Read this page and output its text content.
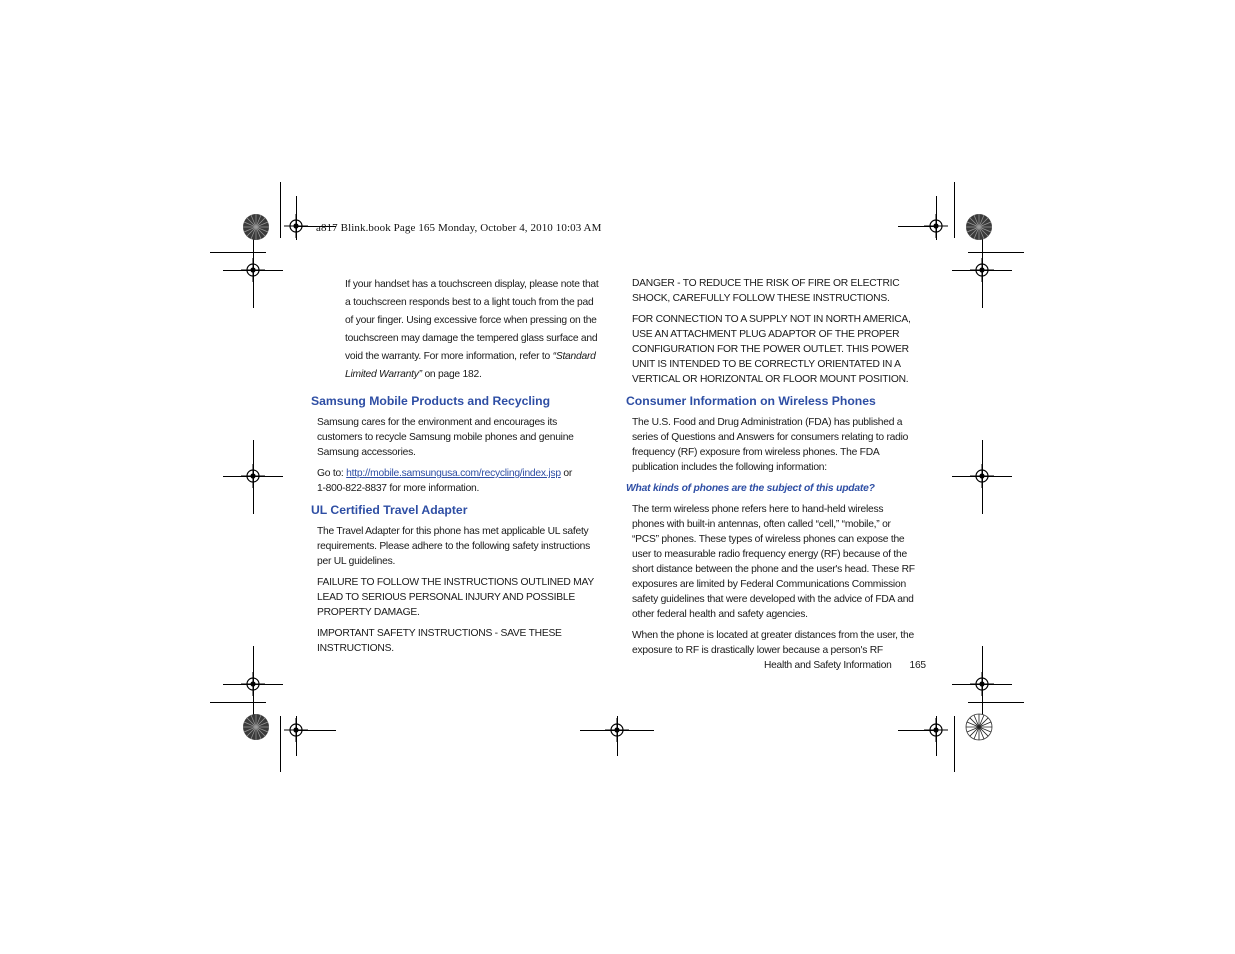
a817 Blink.book Page 165 Monday, October 4, 2010 10:03 AM

If your handset has a touchscreen display, please note that a touchscreen responds best to a light touch from the pad of your finger. Using excessive force when pressing on the touchscreen may damage the tempered glass surface and void the warranty. For more information, refer to “Standard Limited Warranty” on page 182.

Samsung Mobile Products and Recycling

Samsung cares for the environment and encourages its customers to recycle Samsung mobile phones and genuine Samsung accessories.

Go to: http://mobile.samsungusa.com/recycling/index.jsp or
1-800-822-8837 for more information.

UL Certified Travel Adapter

The Travel Adapter for this phone has met applicable UL safety requirements. Please adhere to the following safety instructions per UL guidelines.

FAILURE TO FOLLOW THE INSTRUCTIONS OUTLINED MAY LEAD TO SERIOUS PERSONAL INJURY AND POSSIBLE PROPERTY DAMAGE.

IMPORTANT SAFETY INSTRUCTIONS - SAVE THESE INSTRUCTIONS.

DANGER - TO REDUCE THE RISK OF FIRE OR ELECTRIC SHOCK, CAREFULLY FOLLOW THESE INSTRUCTIONS.

FOR CONNECTION TO A SUPPLY NOT IN NORTH AMERICA, USE AN ATTACHMENT PLUG ADAPTOR OF THE PROPER CONFIGURATION FOR THE POWER OUTLET. THIS POWER UNIT IS INTENDED TO BE CORRECTLY ORIENTATED IN A VERTICAL OR HORIZONTAL OR FLOOR MOUNT POSITION.

Consumer Information on Wireless Phones

The U.S. Food and Drug Administration (FDA) has published a series of Questions and Answers for consumers relating to radio frequency (RF) exposure from wireless phones. The FDA publication includes the following information:

What kinds of phones are the subject of this update?

The term wireless phone refers here to hand-held wireless phones with built-in antennas, often called “cell,” “mobile,” or “PCS” phones. These types of wireless phones can expose the user to measurable radio frequency energy (RF) because of the short distance between the phone and the user's head. These RF exposures are limited by Federal Communications Commission safety guidelines that were developed with the advice of FDA and other federal health and safety agencies.

When the phone is located at greater distances from the user, the exposure to RF is drastically lower because a person's RF

Health and Safety Information 165
